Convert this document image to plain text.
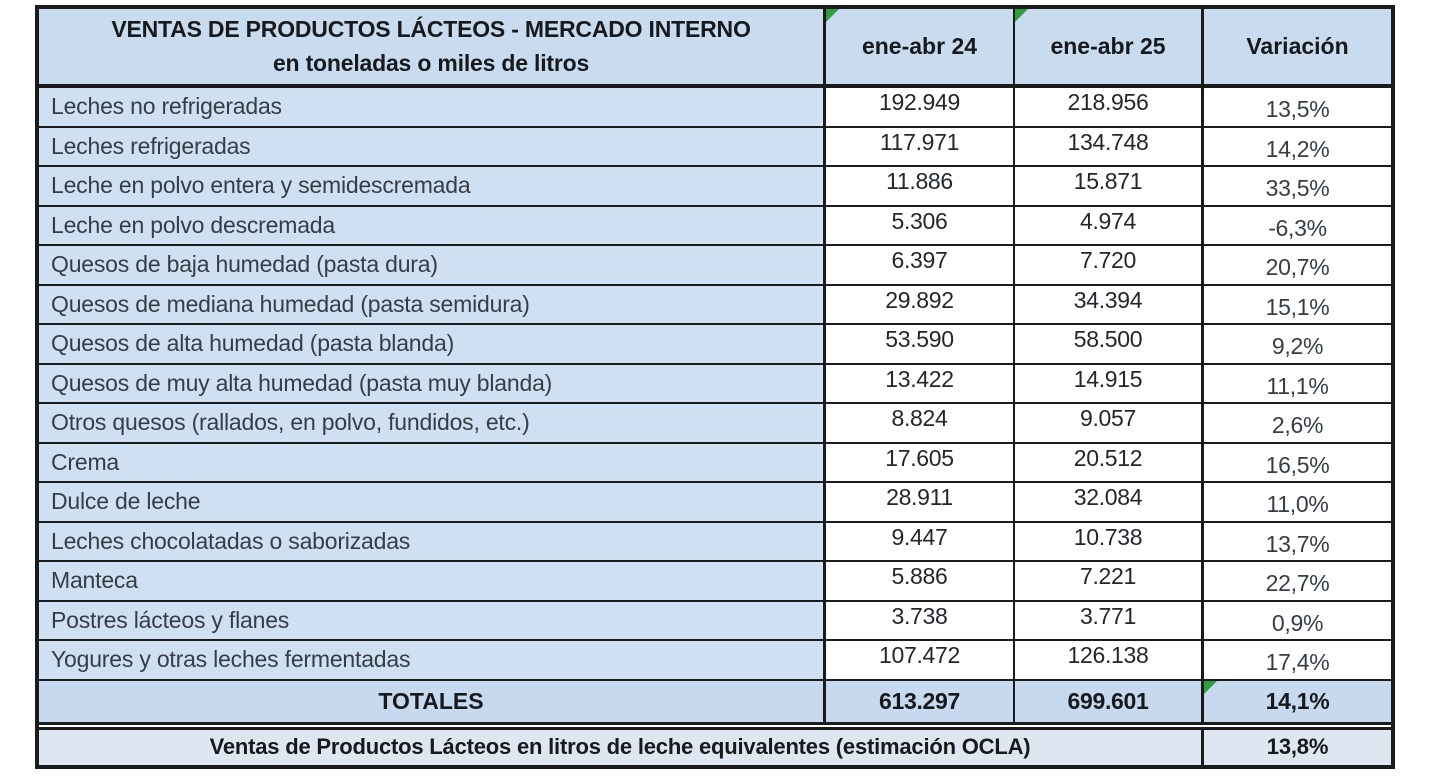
VENTAS DE PRODUCTOS LÁCTEOS - MERCADO INTERNO
en toneladas o miles de litros
ene-abr 24	ene-abr 25	Variación
Leches no refrigeradas	192.949	218.956	13,5%
Leches refrigeradas	117.971	134.748	14,2%
Leche en polvo entera y semidescremada	11.886	15.871	33,5%
Leche en polvo descremada	5.306	4.974	-6,3%
Quesos de baja humedad (pasta dura)	6.397	7.720	20,7%
Quesos de mediana humedad (pasta semidura)	29.892	34.394	15,1%
Quesos de alta humedad (pasta blanda)	53.590	58.500	9,2%
Quesos de muy alta humedad (pasta muy blanda)	13.422	14.915	11,1%
Otros quesos (rallados, en polvo, fundidos, etc.)	8.824	9.057	2,6%
Crema	17.605	20.512	16,5%
Dulce de leche	28.911	32.084	11,0%
Leches chocolatadas o saborizadas	9.447	10.738	13,7%
Manteca	5.886	7.221	22,7%
Postres lácteos y flanes	3.738	3.771	0,9%
Yogures y otras leches fermentadas	107.472	126.138	17,4%
TOTALES	613.297	699.601	14,1%
Ventas de Productos Lácteos en litros de leche equivalentes (estimación OCLA)	13,8%
